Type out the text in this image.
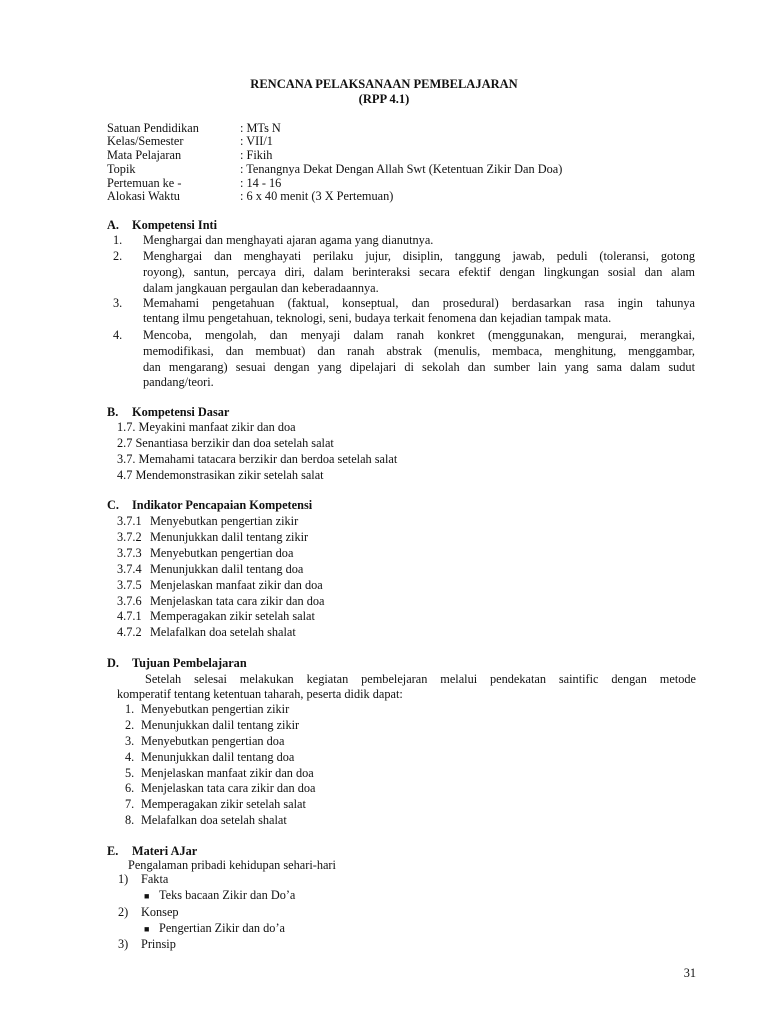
RENCANA PELAKSANAAN PEMBELAJARAN
(RPP 4.1)
Satuan Pendidikan	: MTs N
Kelas/Semester	: VII/1
Mata Pelajaran	: Fikih
Topik	: Tenangnya Dekat Dengan Allah Swt (Ketentuan Zikir Dan Doa)
Pertemuan ke -	: 14 - 16
Alokasi Waktu	: 6 x 40 menit (3 X Pertemuan)
A. Kompetensi Inti
1. Menghargai dan menghayati ajaran agama yang dianutnya.
2. Menghargai dan menghayati perilaku jujur, disiplin, tanggung jawab, peduli (toleransi, gotong
royong), santun, percaya diri, dalam berinteraksi secara efektif dengan lingkungan sosial dan alam
dalam jangkauan pergaulan dan keberadaannya.
3. Memahami pengetahuan (faktual, konseptual, dan prosedural) berdasarkan rasa ingin tahunya
tentang ilmu pengetahuan, teknologi, seni, budaya terkait fenomena dan kejadian tampak mata.
4. Mencoba, mengolah, dan menyaji dalam ranah konkret (menggunakan, mengurai, merangkai,
memodifikasi, dan membuat) dan ranah abstrak (menulis, membaca, menghitung, menggambar,
dan mengarang) sesuai dengan yang dipelajari di sekolah dan sumber lain yang sama dalam sudut
pandang/teori.
B. Kompetensi Dasar
1.7. Meyakini manfaat zikir dan doa
2.7 Senantiasa berzikir dan doa setelah salat
3.7. Memahami tatacara berzikir dan berdoa setelah salat
4.7 Mendemonstrasikan zikir setelah salat
C. Indikator Pencapaian Kompetensi
3.7.1 Menyebutkan pengertian zikir
3.7.2 Menunjukkan dalil tentang zikir
3.7.3 Menyebutkan pengertian doa
3.7.4 Menunjukkan dalil tentang doa
3.7.5 Menjelaskan manfaat zikir dan doa
3.7.6 Menjelaskan tata cara zikir dan doa
4.7.1 Memperagakan zikir setelah salat
4.7.2 Melafalkan doa setelah shalat
D. Tujuan Pembelajaran
Setelah selesai melakukan kegiatan pembelejaran melalui pendekatan saintific dengan metode
komperatif tentang ketentuan taharah, peserta didik dapat:
1. Menyebutkan pengertian zikir
2. Menunjukkan dalil tentang zikir
3. Menyebutkan pengertian doa
4. Menunjukkan dalil tentang doa
5. Menjelaskan manfaat zikir dan doa
6. Menjelaskan tata cara zikir dan doa
7. Memperagakan zikir setelah salat
8. Melafalkan doa setelah shalat
E. Materi AJar
Pengalaman pribadi kehidupan sehari-hari
1) Fakta
■ Teks bacaan Zikir dan Do’a
2) Konsep
■ Pengertian Zikir dan do’a
3) Prinsip
31
